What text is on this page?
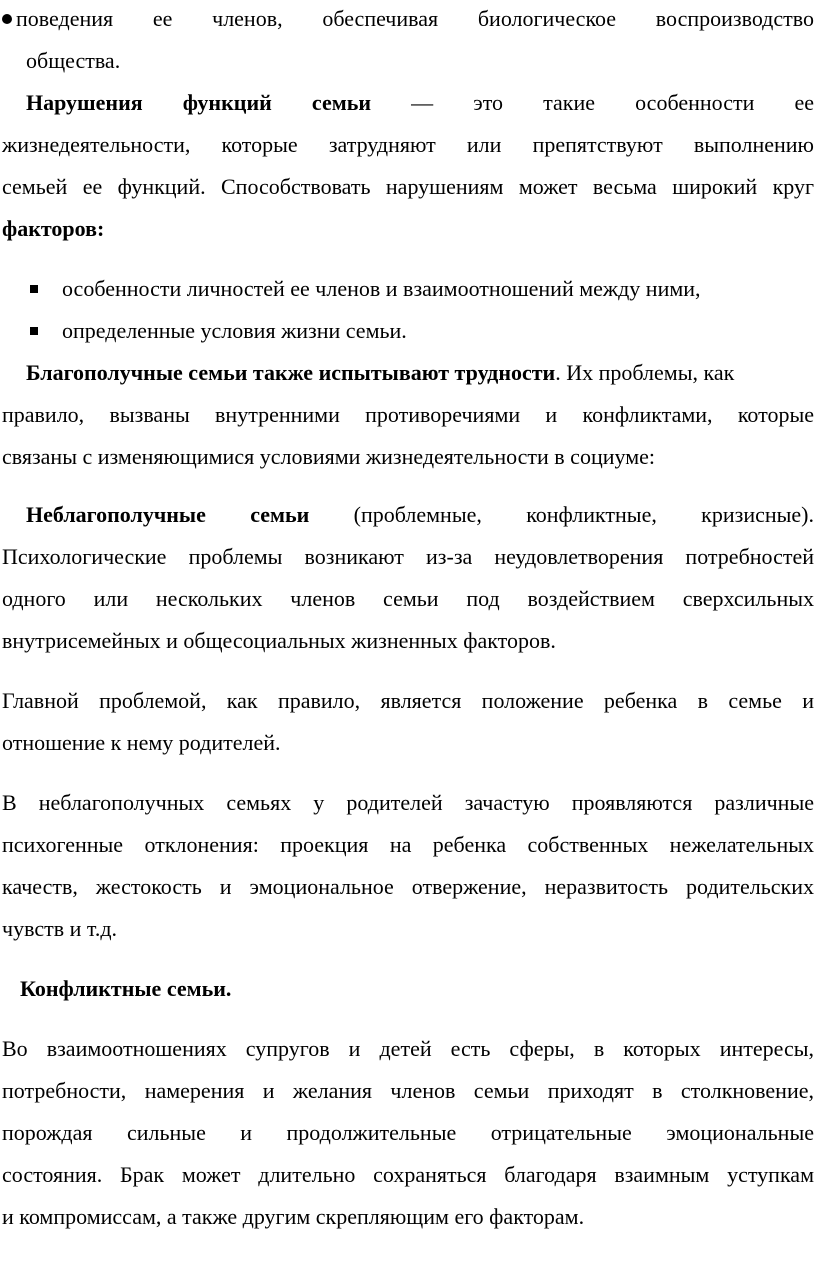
поведения ее членов, обеспечивая биологическое воспроизводство
общества.
Нарушения функций семьи — это такие особенности ее
жизнедеятельности, которые затрудняют или препятствуют выполнению
семьей ее функций. Способствовать нарушениям может весьма широкий круг
факторов:
особенности личностей ее членов и взаимоотношений между ними,
определенные условия жизни семьи.
Благополучные семьи также испытывают трудности. Их проблемы, как
правило, вызваны внутренними противоречиями и конфликтами, которые
связаны с изменяющимися условиями жизнедеятельности в социуме:
Неблагополучные семьи (проблемные, конфликтные, кризисные).
Психологические проблемы возникают из-за неудовлетворения потребностей
одного или нескольких членов семьи под воздействием сверхсильных
внутрисемейных и общесоциальных жизненных факторов.
Главной проблемой, как правило, является положение ребенка в семье и
отношение к нему родителей.
В неблагополучных семьях у родителей зачастую проявляются различные
психогенные отклонения: проекция на ребенка собственных нежелательных
качеств, жестокость и эмоциональное отвержение, неразвитость родительских
чувств и т.д.
Конфликтные семьи.
Во взаимоотношениях супругов и детей есть сферы, в которых интересы,
потребности, намерения и желания членов семьи приходят в столкновение,
порождая сильные и продолжительные отрицательные эмоциональные
состояния. Брак может длительно сохраняться благодаря взаимным уступкам
и компромиссам, а также другим скрепляющим его факторам.
